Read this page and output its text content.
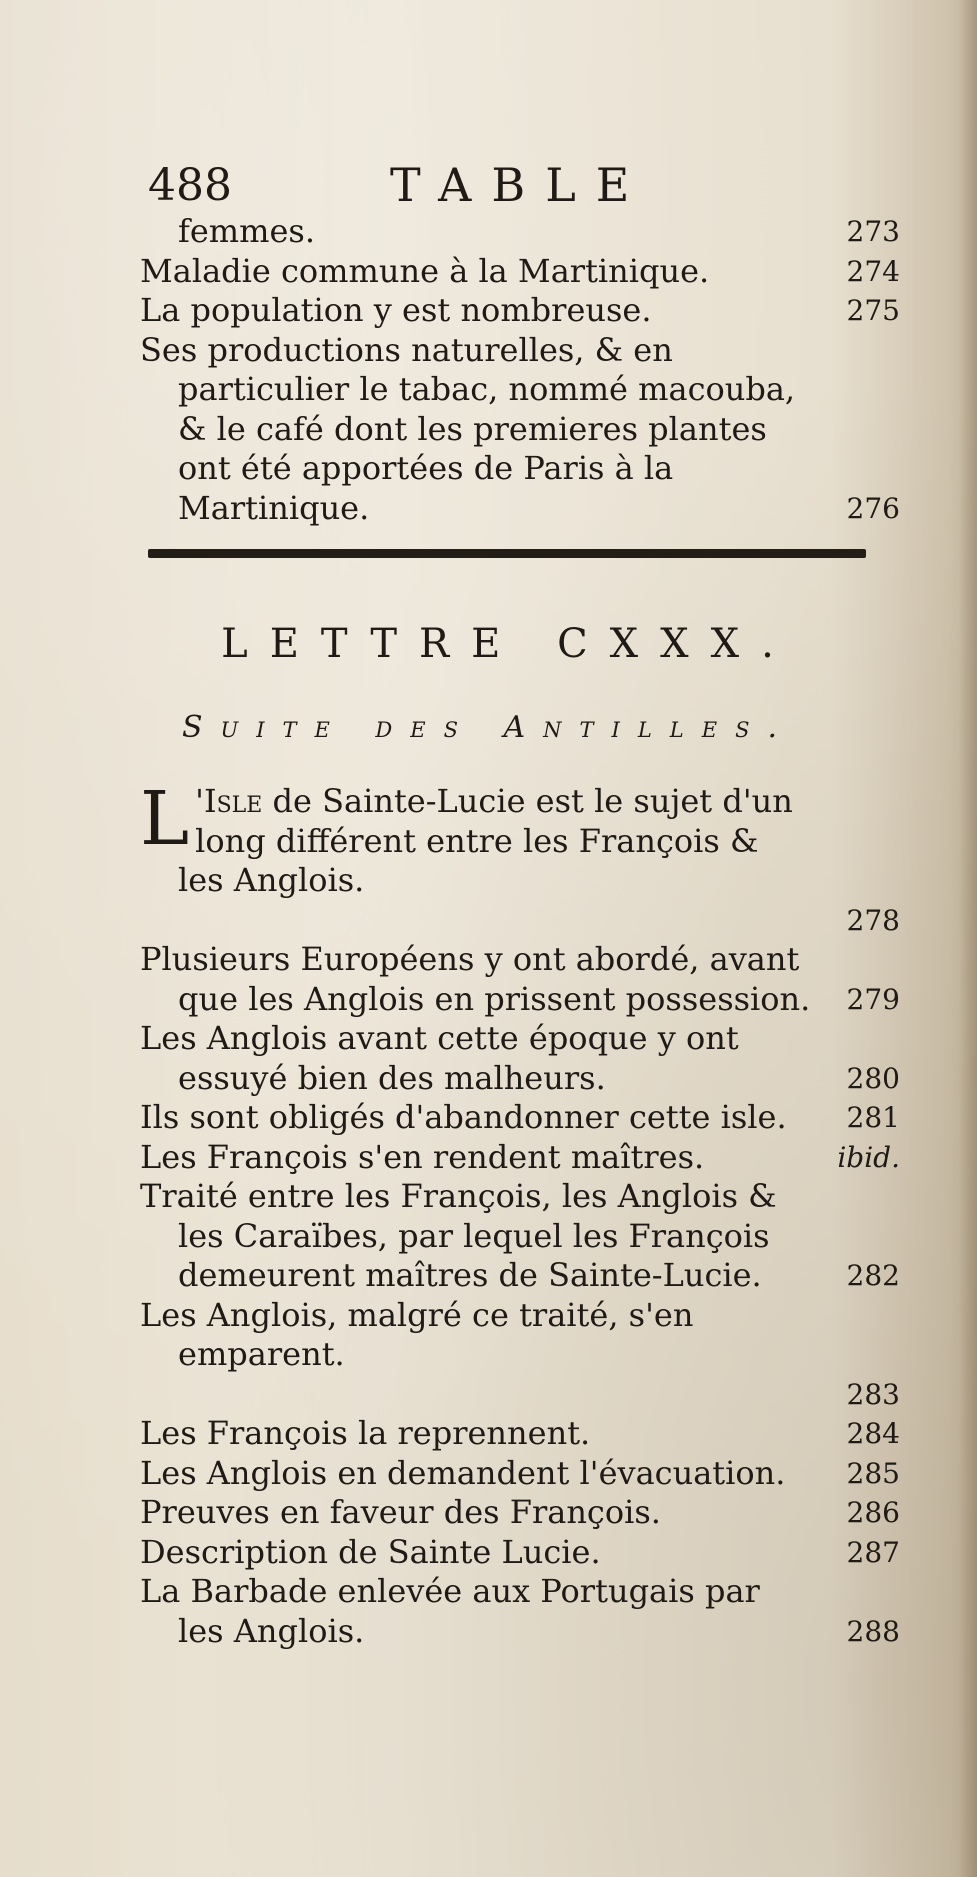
488	TABLE
femmes.	273
Maladie commune à la Martinique.	274
La population y est nombreuse.	275
Ses productions naturelles, & en particulier le tabac, nommé macouba, & le café dont les premieres plantes ont été apportées de Paris à la Martinique.	276
LETTRE CXXX.
Suite des Antilles.
L 'Isle de Sainte-Lucie est le sujet d'un long différent entre les François & les Anglois.
278
Plusieurs Européens y ont abordé, avant que les Anglois en prissent possession. 279
Les Anglois avant cette époque y ont essuyé bien des malheurs.	280
Ils sont obligés d'abandonner cette isle. 281
Les François s'en rendent maîtres.	ibid.
Traité entre les François, les Anglois & les Caraïbes, par lequel les François demeurent maîtres de Sainte-Lucie.	282
Les Anglois, malgré ce traité, s'en emparent.
283
Les François la reprennent.	284
Les Anglois en demandent l'évacuation. 285
Preuves en faveur des François.	286
Description de Sainte Lucie.	287
La Barbade enlevée aux Portugais par les Anglois.	288
